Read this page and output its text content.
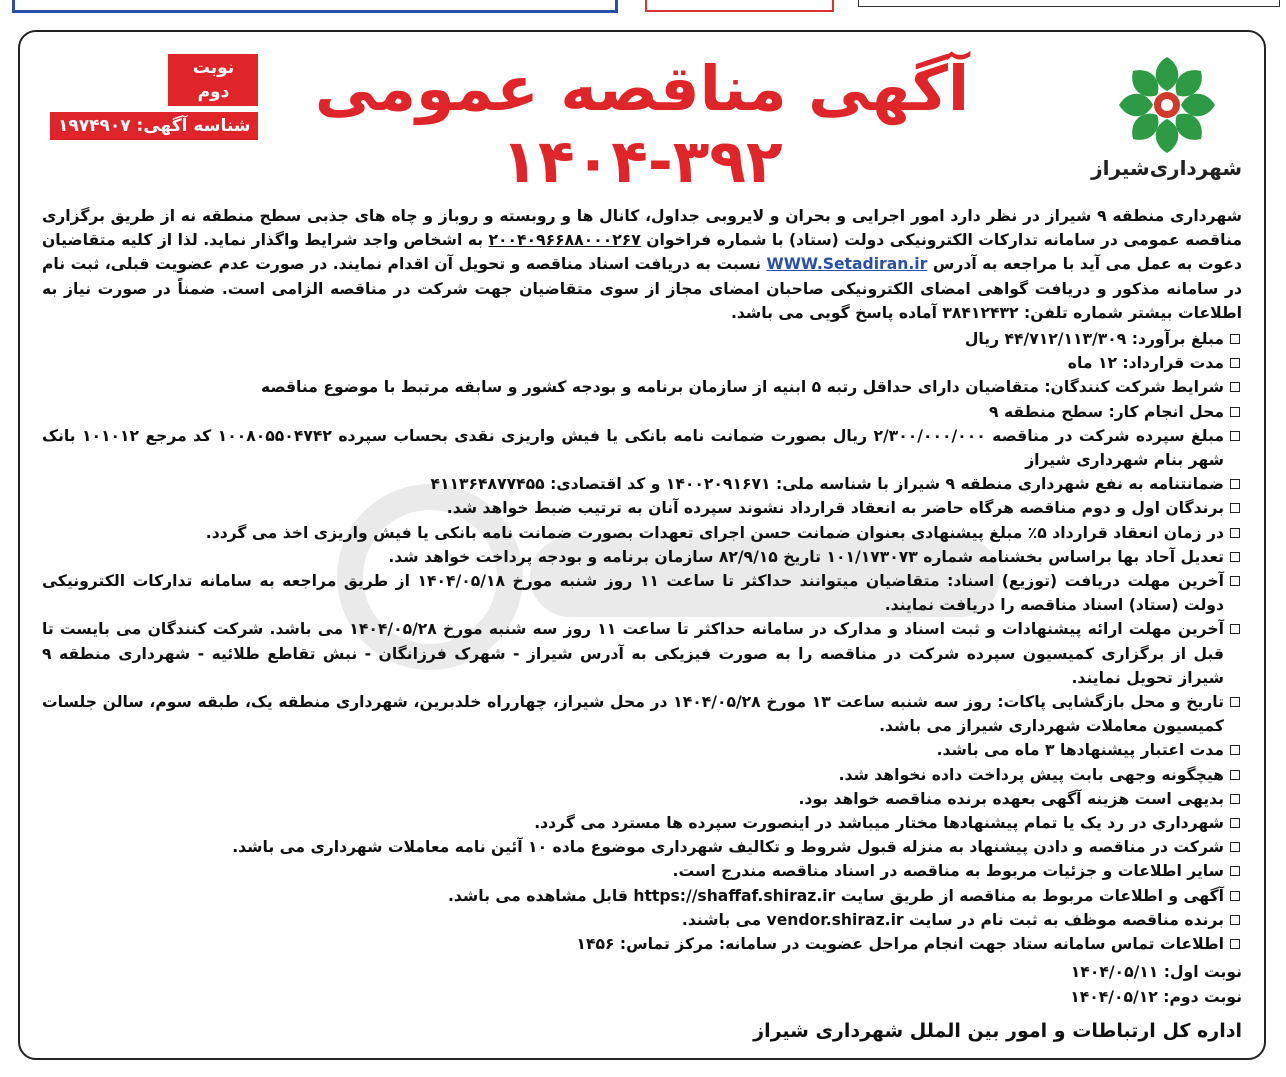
شهرداری‌شیراز
نوبت دوم
شناسه آگهی: ۱۹۷۴۹۰۷
آگهی مناقصه عمومی
۱۴۰۴-۳۹۲

شهرداری منطقه ۹ شیراز در نظر دارد امور اجرایی و بحران و لایروبی جداول، کانال ها و روبسته و روباز و چاه های جذبی سطح منطقه نه از طریق برگزاری مناقصه عمومی در سامانه تدارکات الکترونیکی دولت (ستاد) با شماره فراخوان ۲۰۰۴۰۹۶۶۸۸۰۰۰۲۶۷ به اشخاص واجد شرایط واگذار نماید. لذا از کلیه متقاضیان دعوت به عمل می آید با مراجعه به آدرس WWW.Setadiran.ir نسبت به دریافت اسناد مناقصه و تحویل آن اقدام نمایند. در صورت عدم عضویت قبلی، ثبت نام در سامانه مذکور و دریافت گواهی امضای الکترونیکی صاحبان امضای مجاز از سوی متقاضیان جهت شرکت در مناقصه الزامی است. ضمناً در صورت نیاز به اطلاعات بیشتر شماره تلفن: ۳۸۴۱۲۴۳۲ آماده پاسخ گویی می باشد.

مبلغ برآورد: ۴۴/۷۱۲/۱۱۳/۳۰۹ ریال
مدت قرارداد: ۱۲ ماه
شرایط شرکت کنندگان: متقاضیان دارای حداقل رتبه ۵ ابنیه از سازمان برنامه و بودجه کشور و سابقه مرتبط با موضوع مناقصه
محل انجام کار: سطح منطقه ۹
مبلغ سپرده شرکت در مناقصه ۲/۳۰۰/۰۰۰/۰۰۰ ریال بصورت ضمانت نامه بانکی یا فیش واریزی نقدی بحساب سپرده ۱۰۰۸۰۵۵۰۴۷۴۲ کد مرجع ۱۰۱۰۱۲ بانک شهر بنام شهرداری شیراز
ضمانتنامه به نفع شهرداری منطقه ۹ شیراز با شناسه ملی: ۱۴۰۰۲۰۹۱۶۷۱ و کد اقتصادی: ۴۱۱۳۶۴۸۷۷۴۵۵
برندگان اول و دوم مناقصه هرگاه حاضر به انعقاد قرارداد نشوند سپرده آنان به ترتیب ضبط خواهد شد.
در زمان انعقاد قرارداد ۵٪ مبلغ پیشنهادی بعنوان ضمانت حسن اجرای تعهدات بصورت ضمانت نامه بانکی یا فیش واریزی اخذ می گردد.
تعدیل آحاد بها براساس بخشنامه شماره ۱۰۱/۱۷۳۰۷۳ تاریخ ۸۲/۹/۱۵ سازمان برنامه و بودجه پرداخت خواهد شد.
آخرین مهلت دریافت (توزیع) اسناد: متقاضیان میتوانند حداکثر تا ساعت ۱۱ روز شنبه مورخ ۱۴۰۴/۰۵/۱۸ از طریق مراجعه به سامانه تدارکات الکترونیکی دولت (ستاد) اسناد مناقصه را دریافت نمایند.
آخرین مهلت ارائه پیشنهادات و ثبت اسناد و مدارک در سامانه حداکثر تا ساعت ۱۱ روز سه شنبه مورخ ۱۴۰۴/۰۵/۲۸ می باشد. شرکت کنندگان می بایست تا قبل از برگزاری کمیسیون سپرده شرکت در مناقصه را به صورت فیزیکی به آدرس شیراز - شهرک فرزانگان - نبش تقاطع طلائیه - شهرداری منطقه ۹ شیراز تحویل نمایند.
تاریخ و محل بازگشایی پاکات: روز سه شنبه ساعت ۱۳ مورخ ۱۴۰۴/۰۵/۲۸ در محل شیراز، چهارراه خلدبرین، شهرداری منطقه یک، طبقه سوم، سالن جلسات کمیسیون معاملات شهرداری شیراز می باشد.
مدت اعتبار پیشنهادها ۳ ماه می باشد.
هیچگونه وجهی بابت پیش پرداخت داده نخواهد شد.
بدیهی است هزینه آگهی بعهده برنده مناقصه خواهد بود.
شهرداری در رد یک یا تمام پیشنهادها مختار میباشد در اینصورت سپرده ها مسترد می گردد.
شرکت در مناقصه و دادن پیشنهاد به منزله قبول شروط و تکالیف شهرداری موضوع ماده ۱۰ آئین نامه معاملات شهرداری می باشد.
سایر اطلاعات و جزئیات مربوط به مناقصه در اسناد مناقصه مندرج است.
آگهی و اطلاعات مربوط به مناقصه از طریق سایت https://shaffaf.shiraz.ir قابل مشاهده می باشد.
برنده مناقصه موظف به ثبت نام در سایت vendor.shiraz.ir می باشند.
اطلاعات تماس سامانه ستاد جهت انجام مراحل عضویت در سامانه: مرکز تماس: ۱۴۵۶

نوبت اول: ۱۴۰۴/۰۵/۱۱

نوبت دوم: ۱۴۰۴/۰۵/۱۲

اداره کل ارتباطات و امور بین الملل شهرداری شیراز
